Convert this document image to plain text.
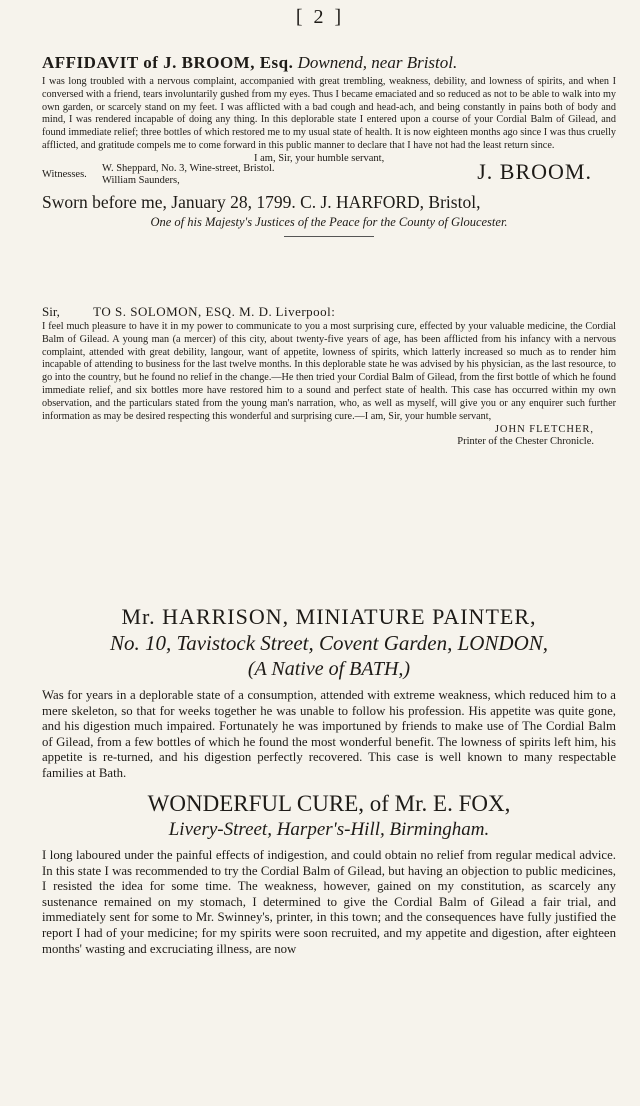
[ 2 ]
AFFIDAVIT of J. BROOM, Esq. Downend, near Bristol.

I was long troubled with a nervous complaint, accompanied with great trembling, weakness, debility, and lowness of spirits, and when I conversed with a friend, tears involuntarily gushed from my eyes. Thus I became emaciated and so reduced as not to be able to walk into my own garden, or scarcely stand on my feet. I was afflicted with a bad cough and head-ach, and being constantly in pains both of body and mind, I was rendered incapable of doing any thing. In this deplorable state I entered upon a course of your Cordial Balm of Gilead, and found immediate relief; three bottles of which restored me to my usual state of health. It is now eighteen months ago since I was thus cruelly afflicted, and gratitude compels me to come forward in this public manner to declare that I have not had the least return since.

I am, Sir, your humble servant,
J. BROOM.
Witnesses.
W. Sheppard, No. 3, Wine-street, Bristol.
William Saunders,

Sworn before me, January 28, 1799. C. J. HARFORD, Bristol,

One of his Majesty's Justices of the Peace for the County of Gloucester.

Sir,	TO S. SOLOMON, ESQ. M. D. Liverpool:

I feel much pleasure to have it in my power to communicate to you a most surprising cure, effected by your valuable medicine, the Cordial Balm of Gilead. A young man (a mercer) of this city, about twenty-five years of age, has been afflicted from his infancy with a nervous complaint, attended with great debility, langour, want of appetite, lowness of spirits, which latterly increased so much as to render him incapable of attending to business for the last twelve months. In this deplorable state he was advised by his physician, as the last resource, to go into the country, but he found no relief in the change.—He then tried your Cordial Balm of Gilead, from the first bottle of which he found immediate relief, and six bottles more have restored him to a sound and perfect state of health. This case has occurred within my own observation, and the particulars stated from the young man's narration, who, as well as myself, will give you or any enquirer such further information as may be desired respecting this wonderful and surprising cure.—I am, Sir, your humble servant,

JOHN FLETCHER,
Printer of the Chester Chronicle.

Mr. HARRISON, MINIATURE PAINTER,

No. 10, Tavistock Street, Covent Garden, LONDON,

(A Native of BATH,)

Was for years in a deplorable state of a consumption, attended with extreme weakness, which reduced him to a mere skeleton, so that for weeks together he was unable to follow his profession. His appetite was quite gone, and his digestion much impaired. Fortunately he was importuned by friends to make use of The Cordial Balm of Gilead, from a few bottles of which he found the most wonderful benefit. The lowness of spirits left him, his appetite is re-turned, and his digestion perfectly recovered. This case is well known to many respectable families at Bath.

WONDERFUL CURE, of Mr. E. FOX,

Livery-Street, Harper's-Hill, Birmingham.

I long laboured under the painful effects of indigestion, and could obtain no relief from regular medical advice. In this state I was recommended to try the Cordial Balm of Gilead, but having an objection to public medicines, I resisted the idea for some time. The weakness, however, gained on my constitution, as scarcely any sustenance remained on my stomach, I determined to give the Cordial Balm of Gilead a fair trial, and immediately sent for some to Mr. Swinney's, printer, in this town; and the consequences have fully justified the report I had of your medicine; for my spirits were soon recruited, and my appetite and digestion, after eighteen months' wasting and excruciating illness, are now
